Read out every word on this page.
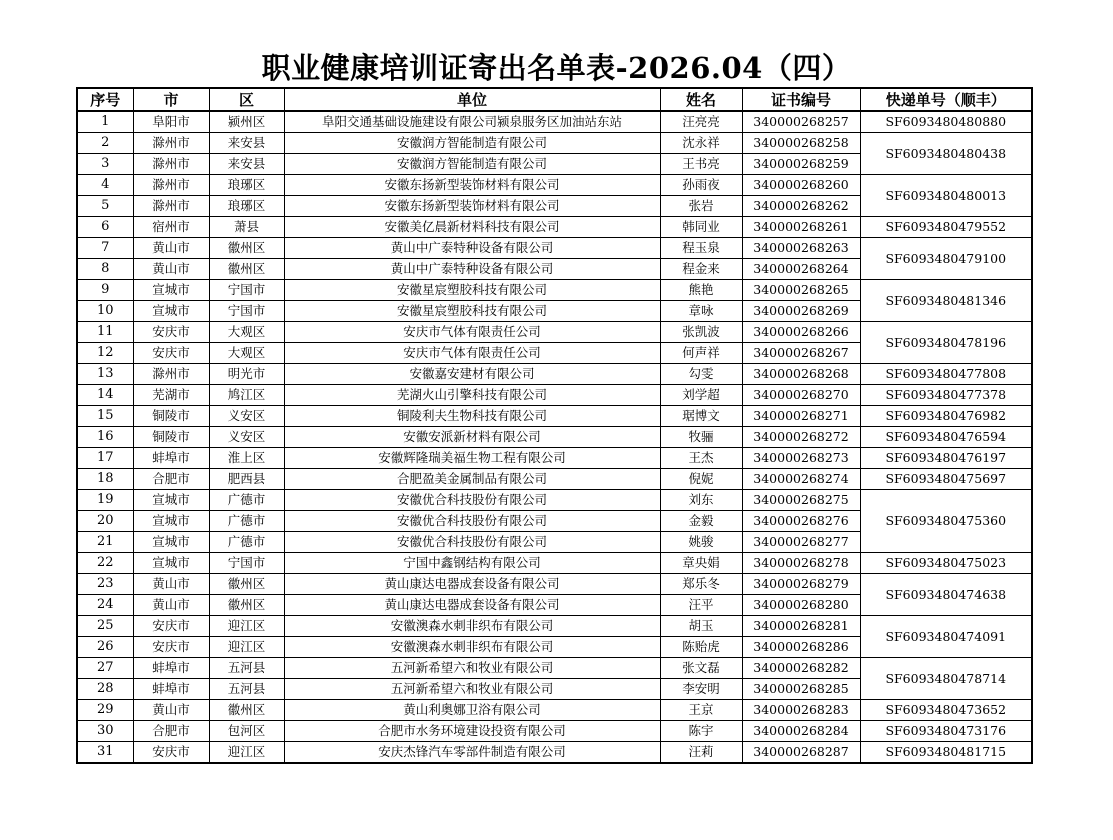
职业健康培训证寄出名单表-2026.04（四）
序号	市	区	单位	姓名	证书编号	快递单号（顺丰）
1	阜阳市	颍州区	阜阳交通基础设施建设有限公司颍泉服务区加油站东站	汪亮亮	340000268257	SF6093480480880
2	滁州市	来安县	安徽润方智能制造有限公司	沈永祥	340000268258	SF6093480480438
3	滁州市	来安县	安徽润方智能制造有限公司	王书亮	340000268259	
4	滁州市	琅琊区	安徽东扬新型装饰材料有限公司	孙雨夜	340000268260	SF6093480480013
5	滁州市	琅琊区	安徽东扬新型装饰材料有限公司	张岩	340000268262	
6	宿州市	萧县	安徽美亿晨新材料科技有限公司	韩同业	340000268261	SF6093480479552
7	黄山市	徽州区	黄山中广泰特种设备有限公司	程玉泉	340000268263	SF6093480479100
8	黄山市	徽州区	黄山中广泰特种设备有限公司	程金来	340000268264	
9	宣城市	宁国市	安徽星宸塑胶科技有限公司	熊艳	340000268265	SF6093480481346
10	宣城市	宁国市	安徽星宸塑胶科技有限公司	章咏	340000268269	
11	安庆市	大观区	安庆市气体有限责任公司	张凯波	340000268266	SF6093480478196
12	安庆市	大观区	安庆市气体有限责任公司	何声祥	340000268267	
13	滁州市	明光市	安徽嘉安建材有限公司	勾雯	340000268268	SF6093480477808
14	芜湖市	鸠江区	芜湖火山引擎科技有限公司	刘学超	340000268270	SF6093480477378
15	铜陵市	义安区	铜陵利夫生物科技有限公司	琚博文	340000268271	SF6093480476982
16	铜陵市	义安区	安徽安派新材料有限公司	牧骊	340000268272	SF6093480476594
17	蚌埠市	淮上区	安徽辉隆瑞美福生物工程有限公司	王杰	340000268273	SF6093480476197
18	合肥市	肥西县	合肥盈美金属制品有限公司	倪妮	340000268274	SF6093480475697
19	宣城市	广德市	安徽优合科技股份有限公司	刘东	340000268275	SF6093480475360
20	宣城市	广德市	安徽优合科技股份有限公司	金毅	340000268276	
21	宣城市	广德市	安徽优合科技股份有限公司	姚骏	340000268277	
22	宣城市	宁国市	宁国中鑫钢结构有限公司	章央娟	340000268278	SF6093480475023
23	黄山市	徽州区	黄山康达电器成套设备有限公司	郑乐冬	340000268279	SF6093480474638
24	黄山市	徽州区	黄山康达电器成套设备有限公司	汪平	340000268280	
25	安庆市	迎江区	安徽澳森水刺非织布有限公司	胡玉	340000268281	SF6093480474091
26	安庆市	迎江区	安徽澳森水刺非织布有限公司	陈贻虎	340000268286	
27	蚌埠市	五河县	五河新希望六和牧业有限公司	张文磊	340000268282	SF6093480478714
28	蚌埠市	五河县	五河新希望六和牧业有限公司	李安明	340000268285	
29	黄山市	徽州区	黄山利奥娜卫浴有限公司	王京	340000268283	SF6093480473652
30	合肥市	包河区	合肥市水务环境建设投资有限公司	陈宇	340000268284	SF6093480473176
31	安庆市	迎江区	安庆杰锋汽车零部件制造有限公司	汪莉	340000268287	SF6093480481715
